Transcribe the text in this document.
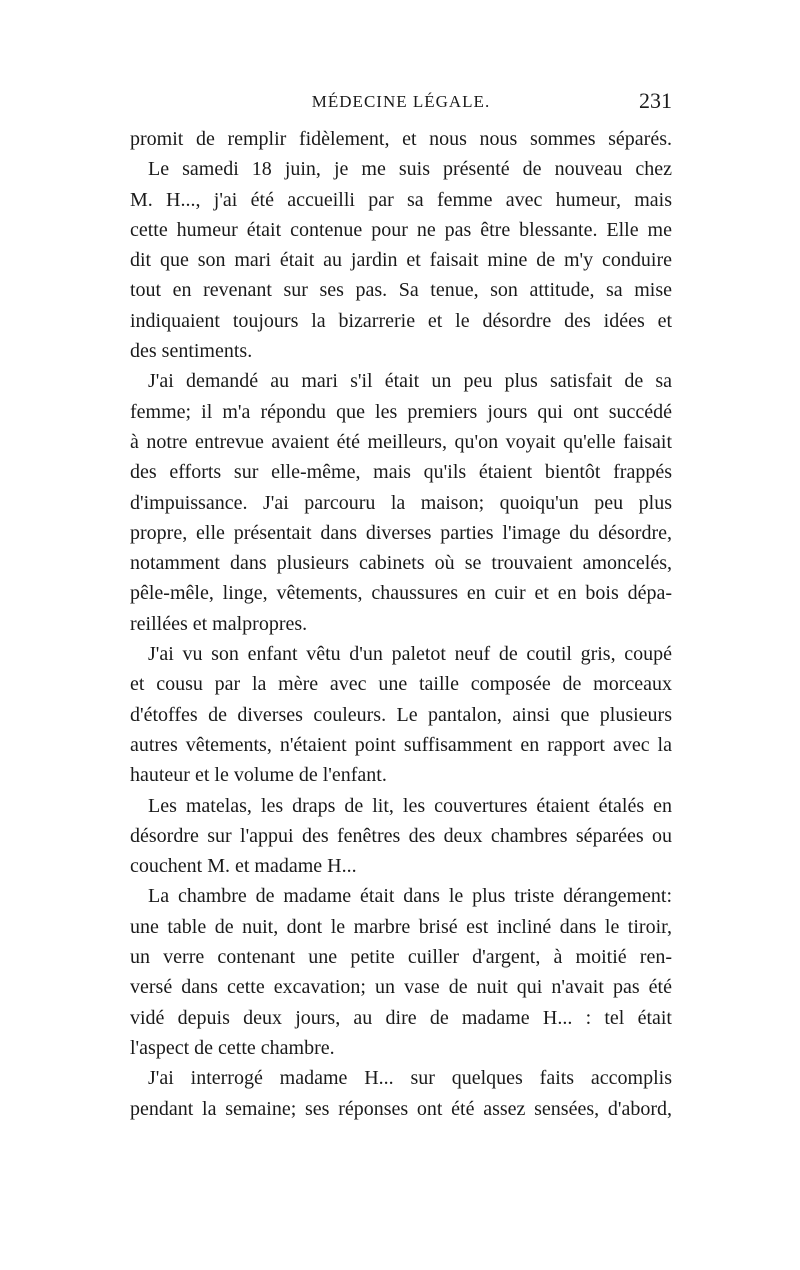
MÉDECINE LÉGALE.	231
promit de remplir fidèlement, et nous nous sommes séparés.
Le samedi 18 juin, je me suis présenté de nouveau chez
M. H..., j'ai été accueilli par sa femme avec humeur, mais
cette humeur était contenue pour ne pas être blessante. Elle me
dit que son mari était au jardin et faisait mine de m'y conduire
tout en revenant sur ses pas. Sa tenue, son attitude, sa mise
indiquaient toujours la bizarrerie et le désordre des idées et
des sentiments.
J'ai demandé au mari s'il était un peu plus satisfait de sa
femme; il m'a répondu que les premiers jours qui ont succédé
à notre entrevue avaient été meilleurs, qu'on voyait qu'elle faisait
des efforts sur elle-même, mais qu'ils étaient bientôt frappés
d'impuissance. J'ai parcouru la maison; quoiqu'un peu plus
propre, elle présentait dans diverses parties l'image du désordre,
notamment dans plusieurs cabinets où se trouvaient amoncelés,
pêle-mêle, linge, vêtements, chaussures en cuir et en bois dépa-
reillées et malpropres.
J'ai vu son enfant vêtu d'un paletot neuf de coutil gris, coupé
et cousu par la mère avec une taille composée de morceaux
d'étoffes de diverses couleurs. Le pantalon, ainsi que plusieurs
autres vêtements, n'étaient point suffisamment en rapport avec la
hauteur et le volume de l'enfant.
Les matelas, les draps de lit, les couvertures étaient étalés en
désordre sur l'appui des fenêtres des deux chambres séparées ou
couchent M. et madame H...
La chambre de madame était dans le plus triste dérangement:
une table de nuit, dont le marbre brisé est incliné dans le tiroir,
un verre contenant une petite cuiller d'argent, à moitié ren-
versé dans cette excavation; un vase de nuit qui n'avait pas été
vidé depuis deux jours, au dire de madame H... : tel était
l'aspect de cette chambre.
J'ai interrogé madame H... sur quelques faits accomplis
pendant la semaine; ses réponses ont été assez sensées, d'abord,
